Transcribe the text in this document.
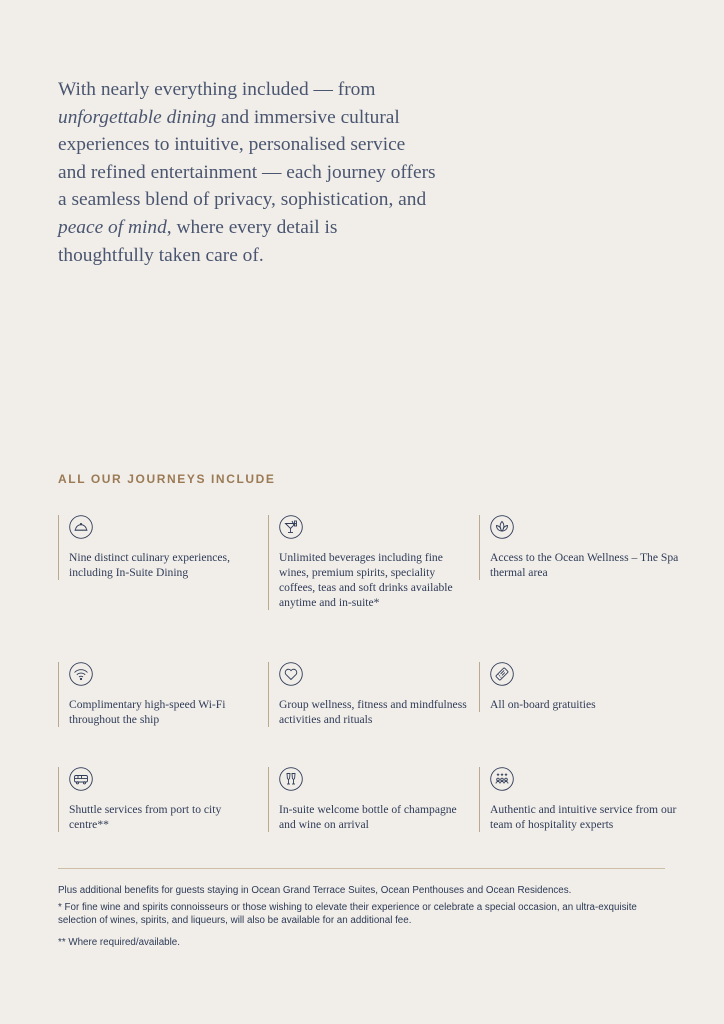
With nearly everything included — from unforgettable dining and immersive cultural experiences to intuitive, personalised service and refined entertainment — each journey offers a seamless blend of privacy, sophistication, and peace of mind, where every detail is thoughtfully taken care of.

ALL OUR JOURNEYS INCLUDE

Nine distinct culinary experiences, including In-Suite Dining

Unlimited beverages including fine wines, premium spirits, speciality coffees, teas and soft drinks available anytime and in-suite*

Access to the Ocean Wellness – The Spa thermal area

Complimentary high-speed Wi-Fi throughout the ship

Group wellness, fitness and mindfulness activities and rituals

All on-board gratuities

Shuttle services from port to city centre**

In-suite welcome bottle of champagne and wine on arrival

★★★

Authentic and intuitive service from our team of hospitality experts

Plus additional benefits for guests staying in Ocean Grand Terrace Suites, Ocean Penthouses and Ocean Residences.

* For fine wine and spirits connoisseurs or those wishing to elevate their experience or celebrate a special occasion, an ultra-exquisite selection of wines, spirits, and liqueurs, will also be available for an additional fee.

** Where required/available.
